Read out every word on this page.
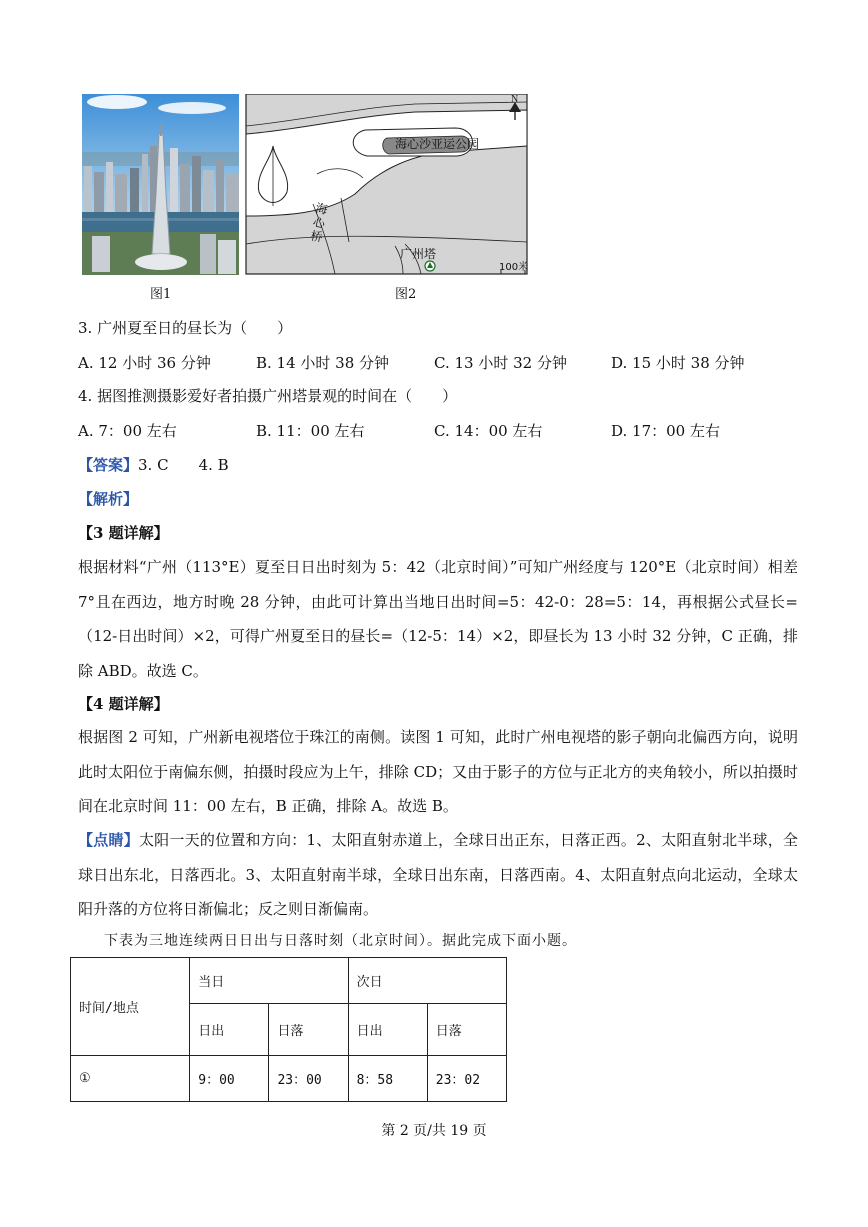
图1
N
海心沙亚运公园
广州塔
100米
海心桥
图2
3. 广州夏至日的昼长为（　　）
A. 12 小时 36 分钟	B. 14 小时 38 分钟	C. 13 小时 32 分钟	D. 15 小时 38 分钟
4. 据图推测摄影爱好者拍摄广州塔景观的时间在（　　）
A. 7：00 左右	B. 11：00 左右	C. 14：00 左右	D. 17：00 左右
【答案】3. C　　4. B
【解析】
【3 题详解】
根据材料“广州（113°E）夏至日日出时刻为 5：42（北京时间）”可知广州经度与 120°E（北京时间）相差 7°且在西边，地方时晚 28 分钟，由此可计算出当地日出时间=5：42-0：28=5：14，再根据公式昼长=（12-日出时间）×2，可得广州夏至日的昼长=（12-5：14）×2，即昼长为 13 小时 32 分钟，C 正确，排除 ABD。故选 C。
【4 题详解】
根据图 2 可知，广州新电视塔位于珠江的南侧。读图 1 可知，此时广州电视塔的影子朝向北偏西方向，说明此时太阳位于南偏东侧，拍摄时段应为上午，排除 CD；又由于影子的方位与正北方的夹角较小，所以拍摄时间在北京时间 11：00 左右，B 正确，排除 A。故选 B。
【点睛】太阳一天的位置和方向：1、太阳直射赤道上，全球日出正东，日落正西。2、太阳直射北半球，全球日出东北，日落西北。3、太阳直射南半球，全球日出东南，日落西南。4、太阳直射点向北运动，全球太阳升落的方位将日渐偏北；反之则日渐偏南。
下表为三地连续两日日出与日落时刻（北京时间）。据此完成下面小题。
时间/地点	当日		次日	
	日出	日落	日出	日落
①	9：00	23：00	8：58	23：02
第 2 页/共 19 页
